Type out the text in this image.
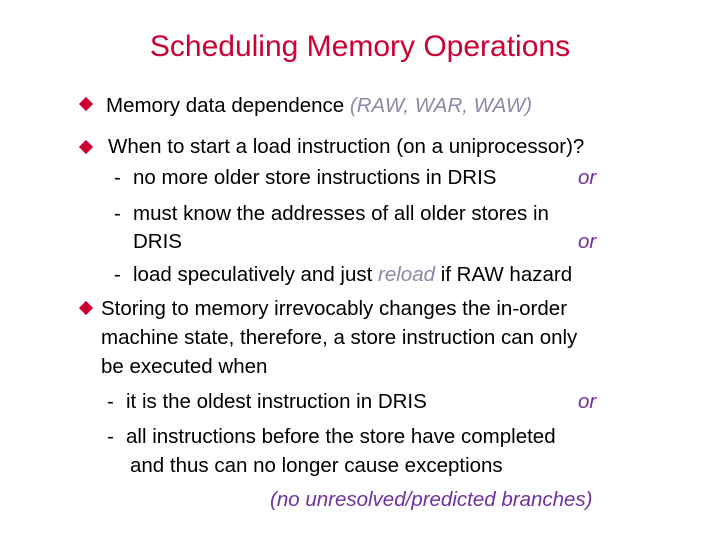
Scheduling Memory Operations
Memory data dependence (RAW, WAR, WAW)
When to start a load instruction (on a uniprocessor)?
- no more older store instructions in DRIS	or
- must know the addresses of all older stores in
DRIS	or
- load speculatively and just reload if RAW hazard
Storing to memory irrevocably changes the in-order
machine state, therefore, a store instruction can only
be executed when
- it is the oldest instruction in DRIS	or
- all instructions before the store have completed
and thus can no longer cause exceptions
(no unresolved/predicted branches)
